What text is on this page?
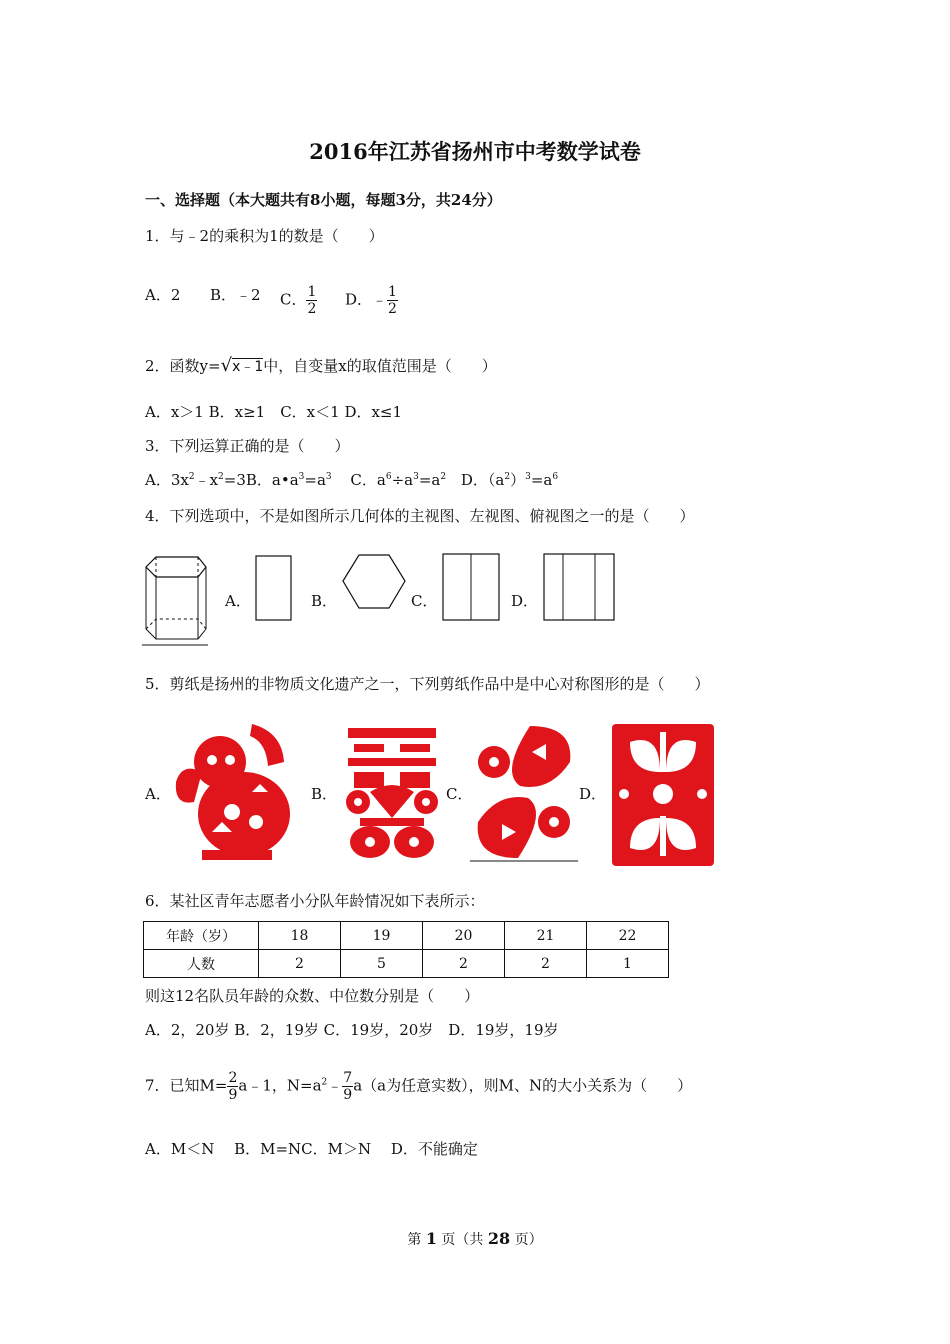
2016年江苏省扬州市中考数学试卷
一、选择题（本大题共有8小题，每题3分，共24分）
1．与﹣2的乘积为1的数是（　　）
A．2 B．﹣2 C． $\frac{1}{2}$ D．﹣ $\frac{1}{2}$
2．函数y=√x﹣1中，自变量x的取值范围是（　　）
A．x＞1 B．x≥1　C．x＜1 D．x≤1
3．下列运算正确的是（　　）
A．$3x^2﹣x^2=3B$．$a•a^3=a^3$ C．$a^6\div a^3=a^2$ D．$(a^2)^3=a^6$
4．下列选项中，不是如图所示几何体的主视图、左视图、俯视图之一的是（　　）
A．	B．	C．	D．
5．剪纸是扬州的非物质文化遗产之一，下列剪纸作品中是中心对称图形的是（　　）
A．	B．	C．	D．
6．某社区青年志愿者小分队年龄情况如下表所示：
年龄（岁）	18	19	20	21	22
人数	2	5	2	2	1
则这12名队员年龄的众数、中位数分别是（　　）
A．2，20岁 B．2，19岁 C．19岁，20岁　D．19岁，19岁
7．已知$M= \frac{2}{9}$ a﹣1，$N=a^2﹣ \frac{7}{9} a(a$为任意实数），则M、N的大小关系为（　　）
A．M＜N　 B．M=NC．M＞N　 D．不能确定
第 1 页（共 28 页）
